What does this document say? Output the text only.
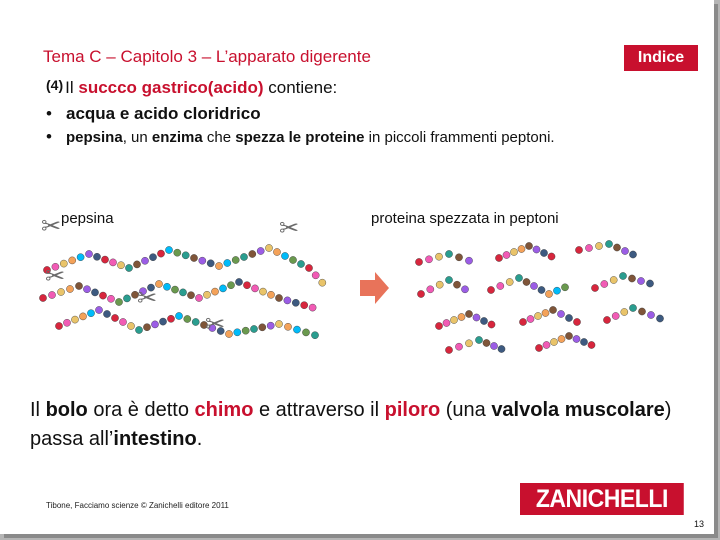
Tema C – Capitolo 3 – L’apparato digerente	Indice
(4) Il succco gastrico(acido) contiene:
• acqua e acido cloridrico
• pepsina, un enzima che spezza le proteine in piccoli frammenti peptoni.
✂	✂
✂
✂
✂
pepsina	proteina spezzata in peptoni

Il bolo ora è detto chimo e attraverso il piloro (una valvola muscolare) passa all’intestino.

Tibone, Facciamo scienze © Zanichelli editore 2011	ZANICHELLI
13
